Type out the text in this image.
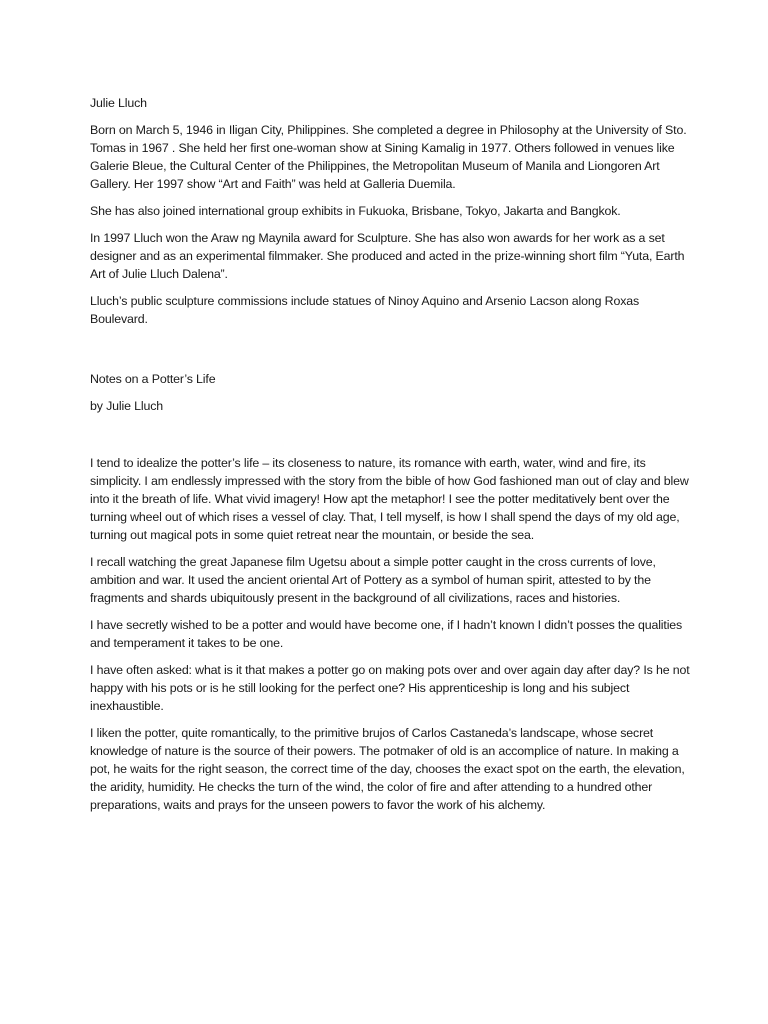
Julie Lluch

Born on March 5, 1946 in Iligan City, Philippines. She completed a degree in Philosophy at the University of Sto. Tomas in 1967 . She held her first one-woman show at Sining Kamalig in 1977. Others followed in venues like Galerie Bleue, the Cultural Center of the Philippines, the Metropolitan Museum of Manila and Liongoren Art Gallery. Her 1997 show “Art and Faith” was held at Galleria Duemila.

She has also joined international group exhibits in Fukuoka, Brisbane, Tokyo, Jakarta and Bangkok.

In 1997 Lluch won the Araw ng Maynila award for Sculpture. She has also won awards for her work as a set designer and as an experimental filmmaker. She produced and acted in the prize-winning short film “Yuta, Earth Art of Julie Lluch Dalena”.

Lluch’s public sculpture commissions include statues of Ninoy Aquino and Arsenio Lacson along Roxas Boulevard.

Notes on a Potter’s Life

by Julie Lluch

I tend to idealize the potter’s life – its closeness to nature, its romance with earth, water, wind and fire, its simplicity. I am endlessly impressed with the story from the bible of how God fashioned man out of clay and blew into it the breath of life. What vivid imagery! How apt the metaphor! I see the potter meditatively bent over the turning wheel out of which rises a vessel of clay. That, I tell myself, is how I shall spend the days of my old age, turning out magical pots in some quiet retreat near the mountain, or beside the sea.

I recall watching the great Japanese film Ugetsu about a simple potter caught in the cross currents of love, ambition and war. It used the ancient oriental Art of Pottery as a symbol of human spirit, attested to by the fragments and shards ubiquitously present in the background of all civilizations, races and histories.

I have secretly wished to be a potter and would have become one, if I hadn’t known I didn’t posses the qualities and temperament it takes to be one.

I have often asked: what is it that makes a potter go on making pots over and over again day after day? Is he not happy with his pots or is he still looking for the perfect one? His apprenticeship is long and his subject inexhaustible.

I liken the potter, quite romantically, to the primitive brujos of Carlos Castaneda’s landscape, whose secret knowledge of nature is the source of their powers. The potmaker of old is an accomplice of nature. In making a pot, he waits for the right season, the correct time of the day, chooses the exact spot on the earth, the elevation, the aridity, humidity. He checks the turn of the wind, the color of fire and after attending to a hundred other preparations, waits and prays for the unseen powers to favor the work of his alchemy.
